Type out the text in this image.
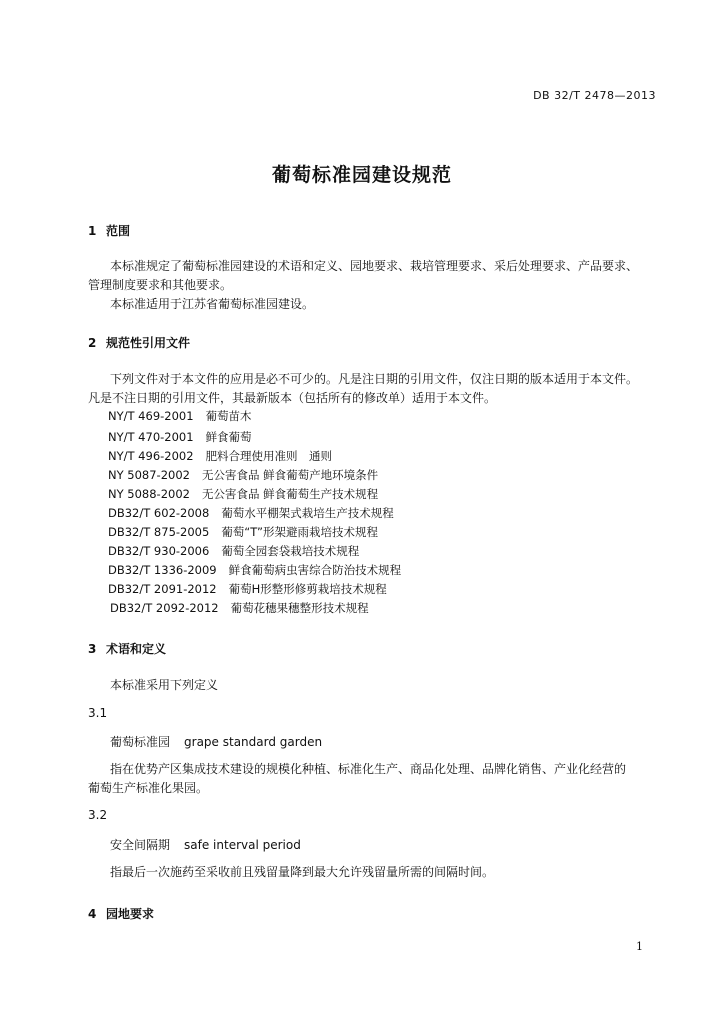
DB 32/T 2478—2013
葡萄标准园建设规范
1 范围
本标准规定了葡萄标准园建设的术语和定义、园地要求、栽培管理要求、采后处理要求、产品要求、
管理制度要求和其他要求。
本标准适用于江苏省葡萄标准园建设。
2 规范性引用文件
下列文件对于本文件的应用是必不可少的。凡是注日期的引用文件，仅注日期的版本适用于本文件。
凡是不注日期的引用文件，其最新版本（包括所有的修改单）适用于本文件。
NY/T 469-2001 葡萄苗木
NY/T 470-2001 鲜食葡萄
NY/T 496-2002 肥料合理使用准则　通则
NY 5087-2002 无公害食品 鲜食葡萄产地环境条件
NY 5088-2002 无公害食品 鲜食葡萄生产技术规程
DB32/T 602-2008 葡萄水平棚架式栽培生产技术规程
DB32/T 875-2005 葡萄“T”形架避雨栽培技术规程
DB32/T 930-2006 葡萄全园套袋栽培技术规程
DB32/T 1336-2009 鲜食葡萄病虫害综合防治技术规程
DB32/T 2091-2012 葡萄H形整形修剪栽培技术规程
DB32/T 2092-2012 葡萄花穗果穗整形技术规程
3 术语和定义
本标准采用下列定义
3.1
葡萄标准园 grape standard garden
指在优势产区集成技术建设的规模化种植、标准化生产、商品化处理、品牌化销售、产业化经营的
葡萄生产标准化果园。
3.2
安全间隔期 safe interval period
指最后一次施药至采收前且残留量降到最大允许残留量所需的间隔时间。
4 园地要求
1
